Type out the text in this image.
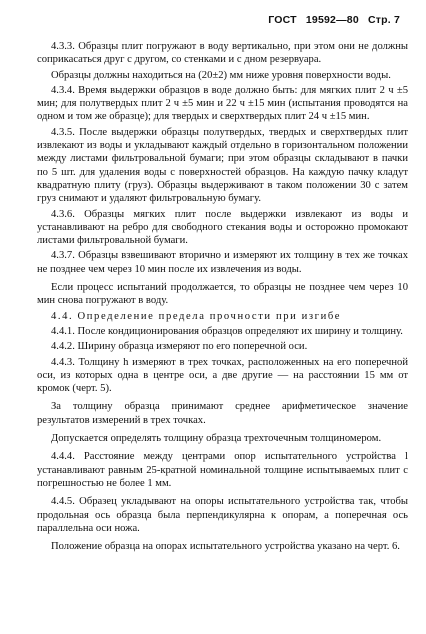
ГОСТ 19592—80 Стр. 7

4.3.3. Образцы плит погружают в воду вертикально, при этом они не должны соприкасаться друг с другом, со стенками и с дном резервуара.

Образцы должны находиться на (20±2) мм ниже уровня поверхности воды.

4.3.4. Время выдержки образцов в воде должно быть: для мягких плит 2 ч ±5 мин; для полутвердых плит 2 ч ±5 мин и 22 ч ±15 мин (испытания проводятся на одном и том же образце); для твердых и сверхтвердых плит 24 ч ±15 мин.

4.3.5. После выдержки образцы полутвердых, твердых и сверхтвердых плит извлекают из воды и укладывают каждый отдельно в горизонтальном положении между листами фильтровальной бумаги; при этом образцы складывают в пачки по 5 шт. для удаления воды с поверхностей образцов. На каждую пачку кладут квадратную плиту (груз). Образцы выдерживают в таком положении 30 с затем груз снимают и удаляют фильтровальную бумагу.

4.3.6. Образцы мягких плит после выдержки извлекают из воды и устанавливают на ребро для свободного стекания воды и осторожно промокают листами фильтровальной бумаги.

4.3.7. Образцы взвешивают вторично и измеряют их толщину в тех же точках не позднее чем через 10 мин после их извлечения из воды.

Если процесс испытаний продолжается, то образцы не позднее чем через 10 мин снова погружают в воду.

4.4. Определение предела прочности при изгибе

4.4.1. После кондиционирования образцов определяют их ширину и толщину.

4.4.2. Ширину образца измеряют по его поперечной оси.

4.4.3. Толщину h измеряют в трех точках, расположенных на его поперечной оси, из которых одна в центре оси, а две другие — на расстоянии 15 мм от кромок (черт. 5).

За толщину образца принимают среднее арифметическое значение результатов измерений в трех точках.

Допускается определять толщину образца трехточечным толщиномером.

4.4.4. Расстояние между центрами опор испытательного устройства l устанавливают равным 25-кратной номинальной толщине испытываемых плит с погрешностью не более 1 мм.

4.4.5. Образец укладывают на опоры испытательного устройства так, чтобы продольная ось образца была перпендикулярна к опорам, а поперечная ось параллельна оси ножа.

Положение образца на опорах испытательного устройства указано на черт. 6.
